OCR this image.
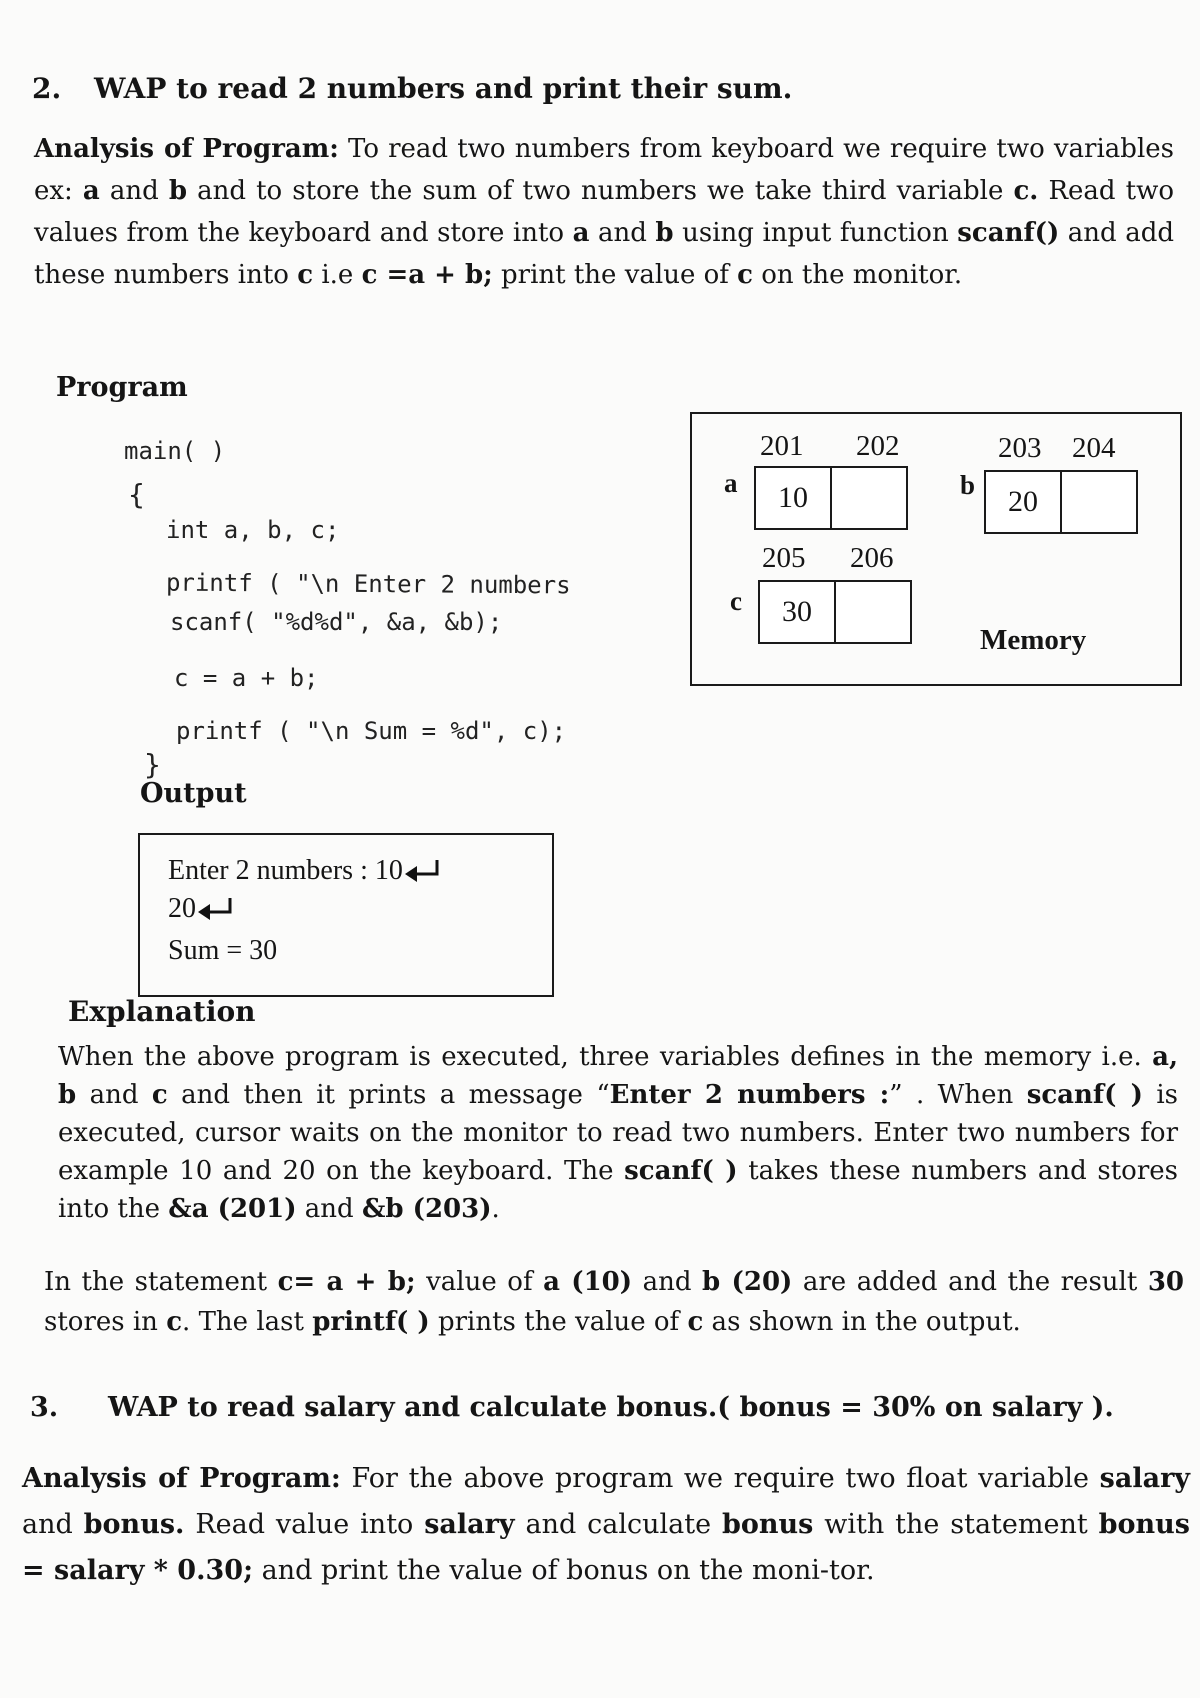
2. WAP to read 2 numbers and print their sum.

Analysis of Program: To read two numbers from keyboard we require two variables ex: a and b and to store the sum of two numbers we take third variable c. Read two values from the keyboard and store into a and b using input function scanf() and add these numbers into c i.e c =a + b; print the value of c on the monitor.

Program
main( )
{
int a, b, c;
printf ( "\n Enter 2 numbers
scanf( "%d%d", &a, &b);
c = a + b;
printf ( "\n Sum = %d", c);
}
201 202
a	10
203 204
b	20
205 206
c	30
Memory
Output
Enter 2 numbers : 10
20
Sum = 30
Explanation

When the above program is executed, three variables defines in the memory i.e. a, b and c and then it prints a message “Enter 2 numbers :” . When scanf( ) is executed, cursor waits on the monitor to read two numbers. Enter two numbers for example 10 and 20 on the keyboard. The scanf( ) takes these numbers and stores into the &a (201) and &b (203).

In the statement c= a + b; value of a (10) and b (20) are added and the result 30 stores in c. The last printf( ) prints the value of c as shown in the output.

3. WAP to read salary and calculate bonus.( bonus = 30% on salary ).

Analysis of Program: For the above program we require two float variable salary and bonus. Read value into salary and calculate bonus with the statement bonus = salary * 0.30; and print the value of bonus on the moni-tor.
